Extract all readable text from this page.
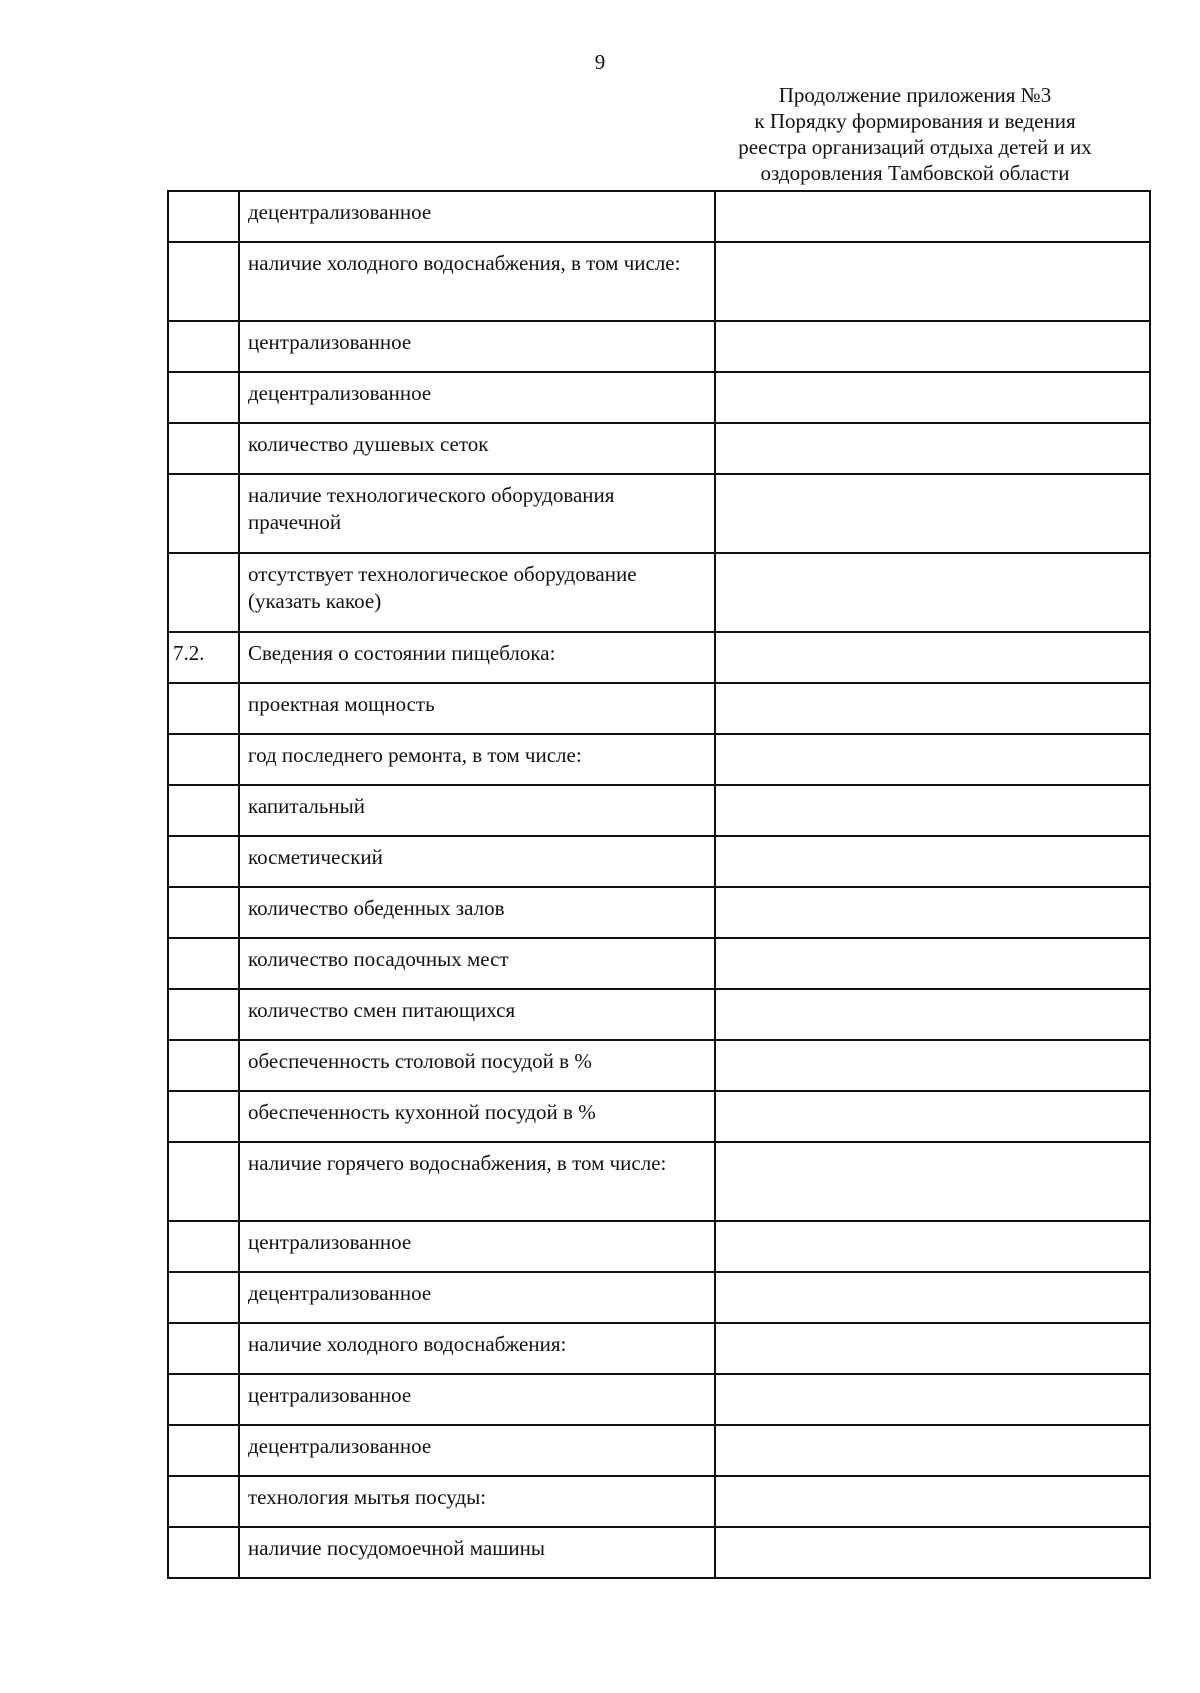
9
Продолжение приложения №3
к Порядку формирования и ведения
реестра организаций отдыха детей и их
оздоровления Тамбовской области
	децентрализованное	
	наличие холодного водоснабжения, в том числе:	
	централизованное	
	децентрализованное	
	количество душевых сеток	
	наличие технологического оборудования прачечной	
	отсутствует технологическое оборудование (указать какое)	
7.2.	Сведения о состоянии пищеблока:	
	проектная мощность	
	год последнего ремонта, в том числе:	
	капитальный	
	косметический	
	количество обеденных залов	
	количество посадочных мест	
	количество смен питающихся	
	обеспеченность столовой посудой в %	
	обеспеченность кухонной посудой в %	
	наличие горячего водоснабжения, в том числе:	
	централизованное	
	децентрализованное	
	наличие холодного водоснабжения:	
	централизованное	
	децентрализованное	
	технология мытья посуды:	
	наличие посудомоечной машины	
